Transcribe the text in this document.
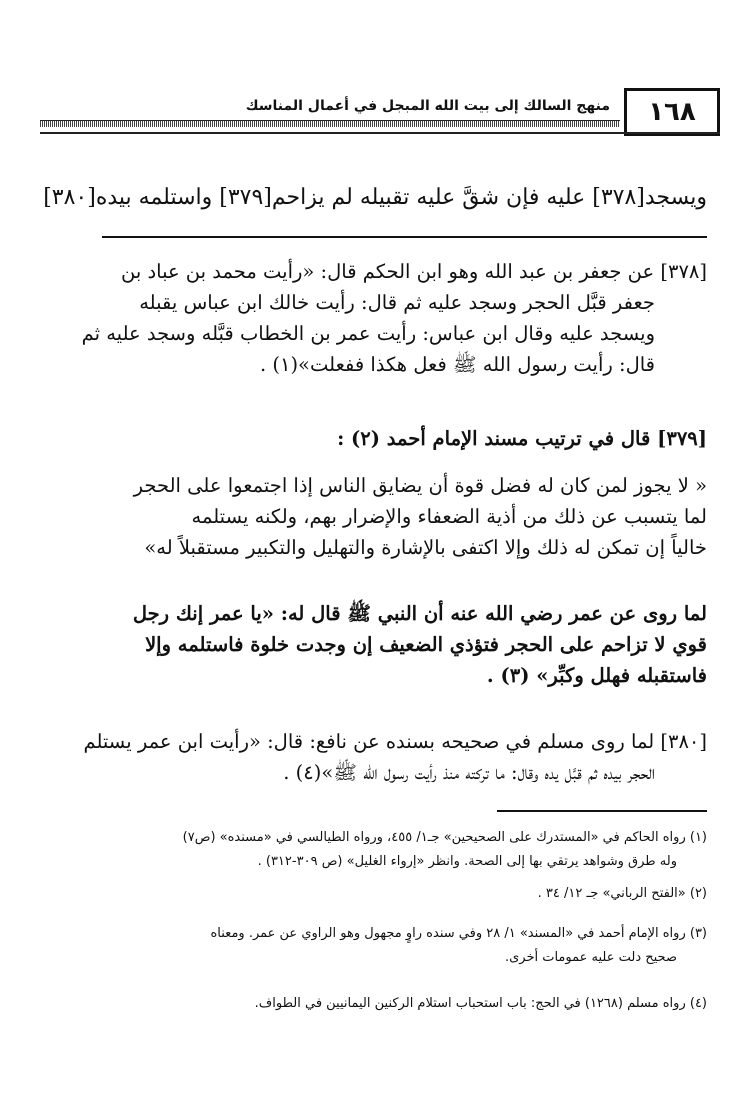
١٦٨
منهج السالك إلى بيت الله المبجل في أعمال المناسك
ويسجد[٣٧٨] عليه فإن شقَّ عليه تقبيله لم يزاحم[٣٧٩] واستلمه بيده[٣٨٠]

[٣٧٨] عن جعفر بن عبد الله وهو ابن الحكم قال: «رأيت محمد بن عباد بن

جعفر قبَّل الحجر وسجد عليه ثم قال: رأيت خالك ابن عباس يقبله

ويسجد عليه وقال ابن عباس: رأيت عمر بن الخطاب قبَّله وسجد عليه ثم

قال: رأيت رسول الله ﷺ فعل هكذا ففعلت»(١) .

[٣٧٩] قال في ترتيب مسند الإمام أحمد (٢) :

« لا يجوز لمن كان له فضل قوة أن يضايق الناس إذا اجتمعوا على الحجر

لما يتسبب عن ذلك من أذية الضعفاء والإضرار بهم، ولكنه يستلمه

خالياً إن تمكن له ذلك وإلا اكتفى بالإشارة والتهليل والتكبير مستقبلاً له»

لما روى عن عمر رضي الله عنه أن النبي ﷺ قال له: «يا عمر إنك رجل

قوي لا تزاحم على الحجر فتؤذي الضعيف إن وجدت خلوة فاستلمه وإلا

فاستقبله فهلل وكبِّر» (٣) .

[٣٨٠] لما روى مسلم في صحيحه بسنده عن نافع: قال: «رأيت ابن عمر يستلم

الحجر بيده ثم قبَّل يده وقال: ما تركته منذ رأيت رسول الله ﷺ»(٤) .

(١) رواه الحاكم في «المستدرك على الصحيحين» جـ١/ ٤٥٥، ورواه الطيالسي في «مسنده» (ص٧)

وله طرق وشواهد يرتقي بها إلى الصحة. وانظر «إرواء الغليل» (ص ٣٠٩-٣١٢) .

(٢) «الفتح الرباني» جـ ١٢/ ٣٤ .

(٣) رواه الإمام أحمد في «المسند» ١/ ٢٨ وفي سنده راوٍ مجهول وهو الراوي عن عمر. ومعناه

صحيح دلت عليه عمومات أخرى.

(٤) رواه مسلم (١٢٦٨) في الحج: باب استحباب استلام الركنين اليمانيين في الطواف.
